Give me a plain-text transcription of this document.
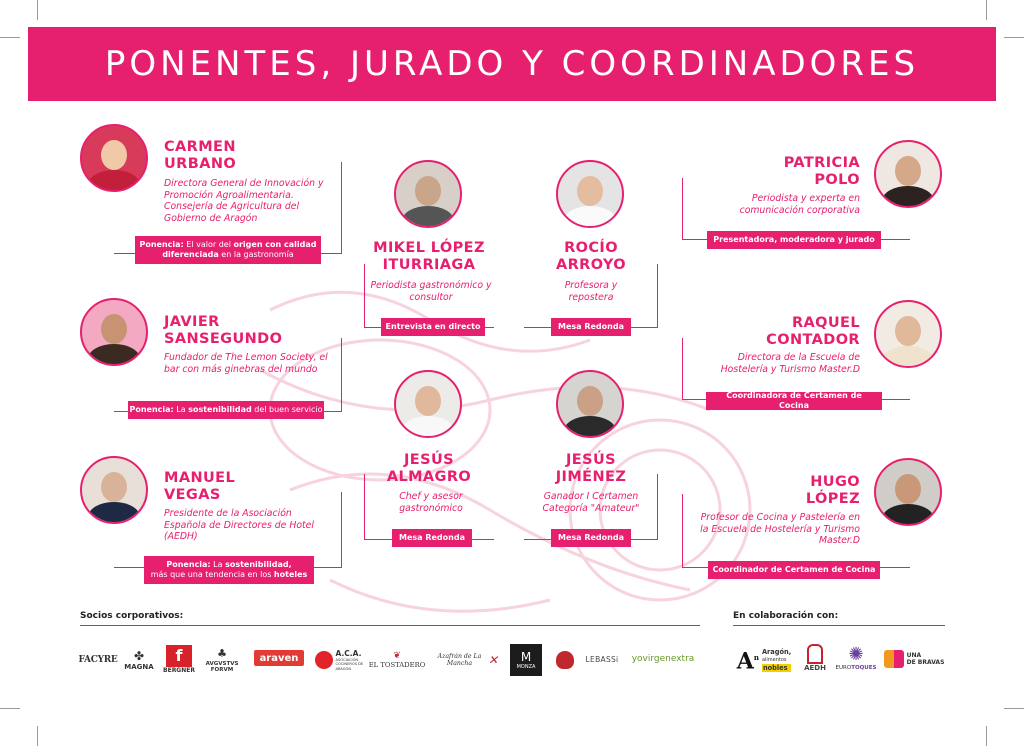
PONENTES, JURADO Y COORDINADORES
CARMEN
URBANO
Directora General de Innovación y Promoción Agroalimentaria. Consejería de Agricultura del Gobierno de Aragón
Ponencia: El valor del origen con calidad
diferenciada en la gastronomía
JAVIER
SANSEGUNDO
Fundador de The Lemon Society, el bar con más ginebras del mundo
Ponencia: La sostenibilidad del buen servicio
MANUEL
VEGAS
Presidente de la Asociación Española de Directores de Hotel (AEDH)
Ponencia: La sostenibilidad,
más que una tendencia en los hoteles
MIKEL LÓPEZ
ITURRIAGA
Periodista gastronómico y consultor
Entrevista en directo
JESÚS
ALMAGRO
Chef y asesor gastronómico
Mesa Redonda
ROCÍO
ARROYO
Profesora y repostera
Mesa Redonda
JESÚS
JIMÉNEZ
Ganador I Certamen Categoría "Amateur"
Mesa Redonda
PATRICIA
POLO
Periodista y experta en comunicación corporativa
Presentadora, moderadora y jurado
RAQUEL
CONTADOR
Directora de la Escuela de Hostelería y Turismo Master.D
Coordinadora de Certamen de Cocina
HUGO
LÓPEZ
Profesor de Cocina y Pastelería en la Escuela de Hostelería y Turismo Master.D
Coordinador de Certamen de Cocina
Socios corporativos:	En colaboración con:
FACYRE ✤
MAGNA
f
BERGNER
♣
AVGVSTVS FORVM
araven	A.C.A.
ASOCIACIÓN COCINEROS DE ARAGÓN
❦
EL TOSTADERO
Azafrán de La Mancha	✕ M
MONZA
LEBASSi	yovirgenextra $A^n$
Aragón,
alimentos
nobles	AEDH
✺
EUROTOQUES
UNA
DE BRAVAS
